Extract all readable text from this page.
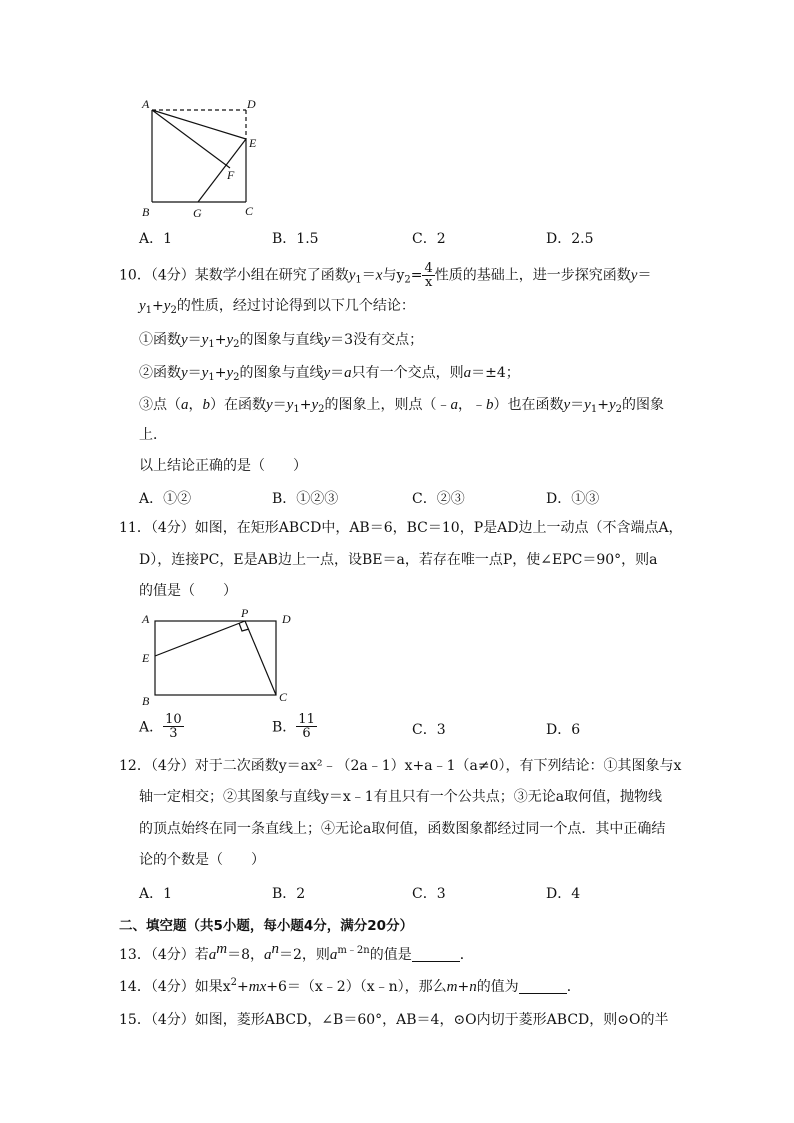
A	D
E
F
B	G	C
A．1	B．1.5	C．2	D．2.5
10．（4分）某数学小组在研究了函数$y_1=x$与$y_2= \frac{4}{x}$ 性质的基础上，进一步探究函数y＝
$y_1+y_2$的性质，经过讨论得到以下几个结论：
①函数$y=y_1+y_2$的图象与直线y＝3没有交点；
②函数$y=y_1+y_2$的图象与直线y＝a只有一个交点，则a＝±4；
③点（a，b）在函数$y=y_1+y_2$的图象上，则点（﹣a，﹣b）也在函数$y=y_1+y_2$的图象
上．
以上结论正确的是（　　）
A．①②	B．①②③	C．②③	D．①③
11．（4分）如图，在矩形ABCD中，AB＝6，BC＝10，P是AD边上一动点（不含端点A，
D），连接PC，E是AB边上一点，设BE＝a，若存在唯一点P，使∠EPC＝90°，则a
的值是（　　）
A	P	D
E
B	C
A． $\frac{10}{3}$	B． $\frac{11}{6}$	C．3	D．6
12．（4分）对于二次函数y＝ax²﹣（2a﹣1）x+a﹣1（a≠0），有下列结论：①其图象与x
轴一定相交；②其图象与直线y＝x﹣1有且只有一个公共点；③无论a取何值，抛物线
的顶点始终在同一条直线上；④无论a取何值，函数图象都经过同一个点．其中正确结
论的个数是（　　）
A．1	B．2	C．3	D．4
二、填空题（共5小题，每小题4分，满分20分）
13．（4分）若$a^m=8$，$a^n=2$，则$a^{m﹣2n}$的值是	．
14．（4分）如果$x^2+mx+6=(x﹣2)(x﹣n)$，那么m+n的值为	．
15．（4分）如图，菱形ABCD，∠B＝60°，AB＝4，⊙O内切于菱形ABCD，则⊙O的半
